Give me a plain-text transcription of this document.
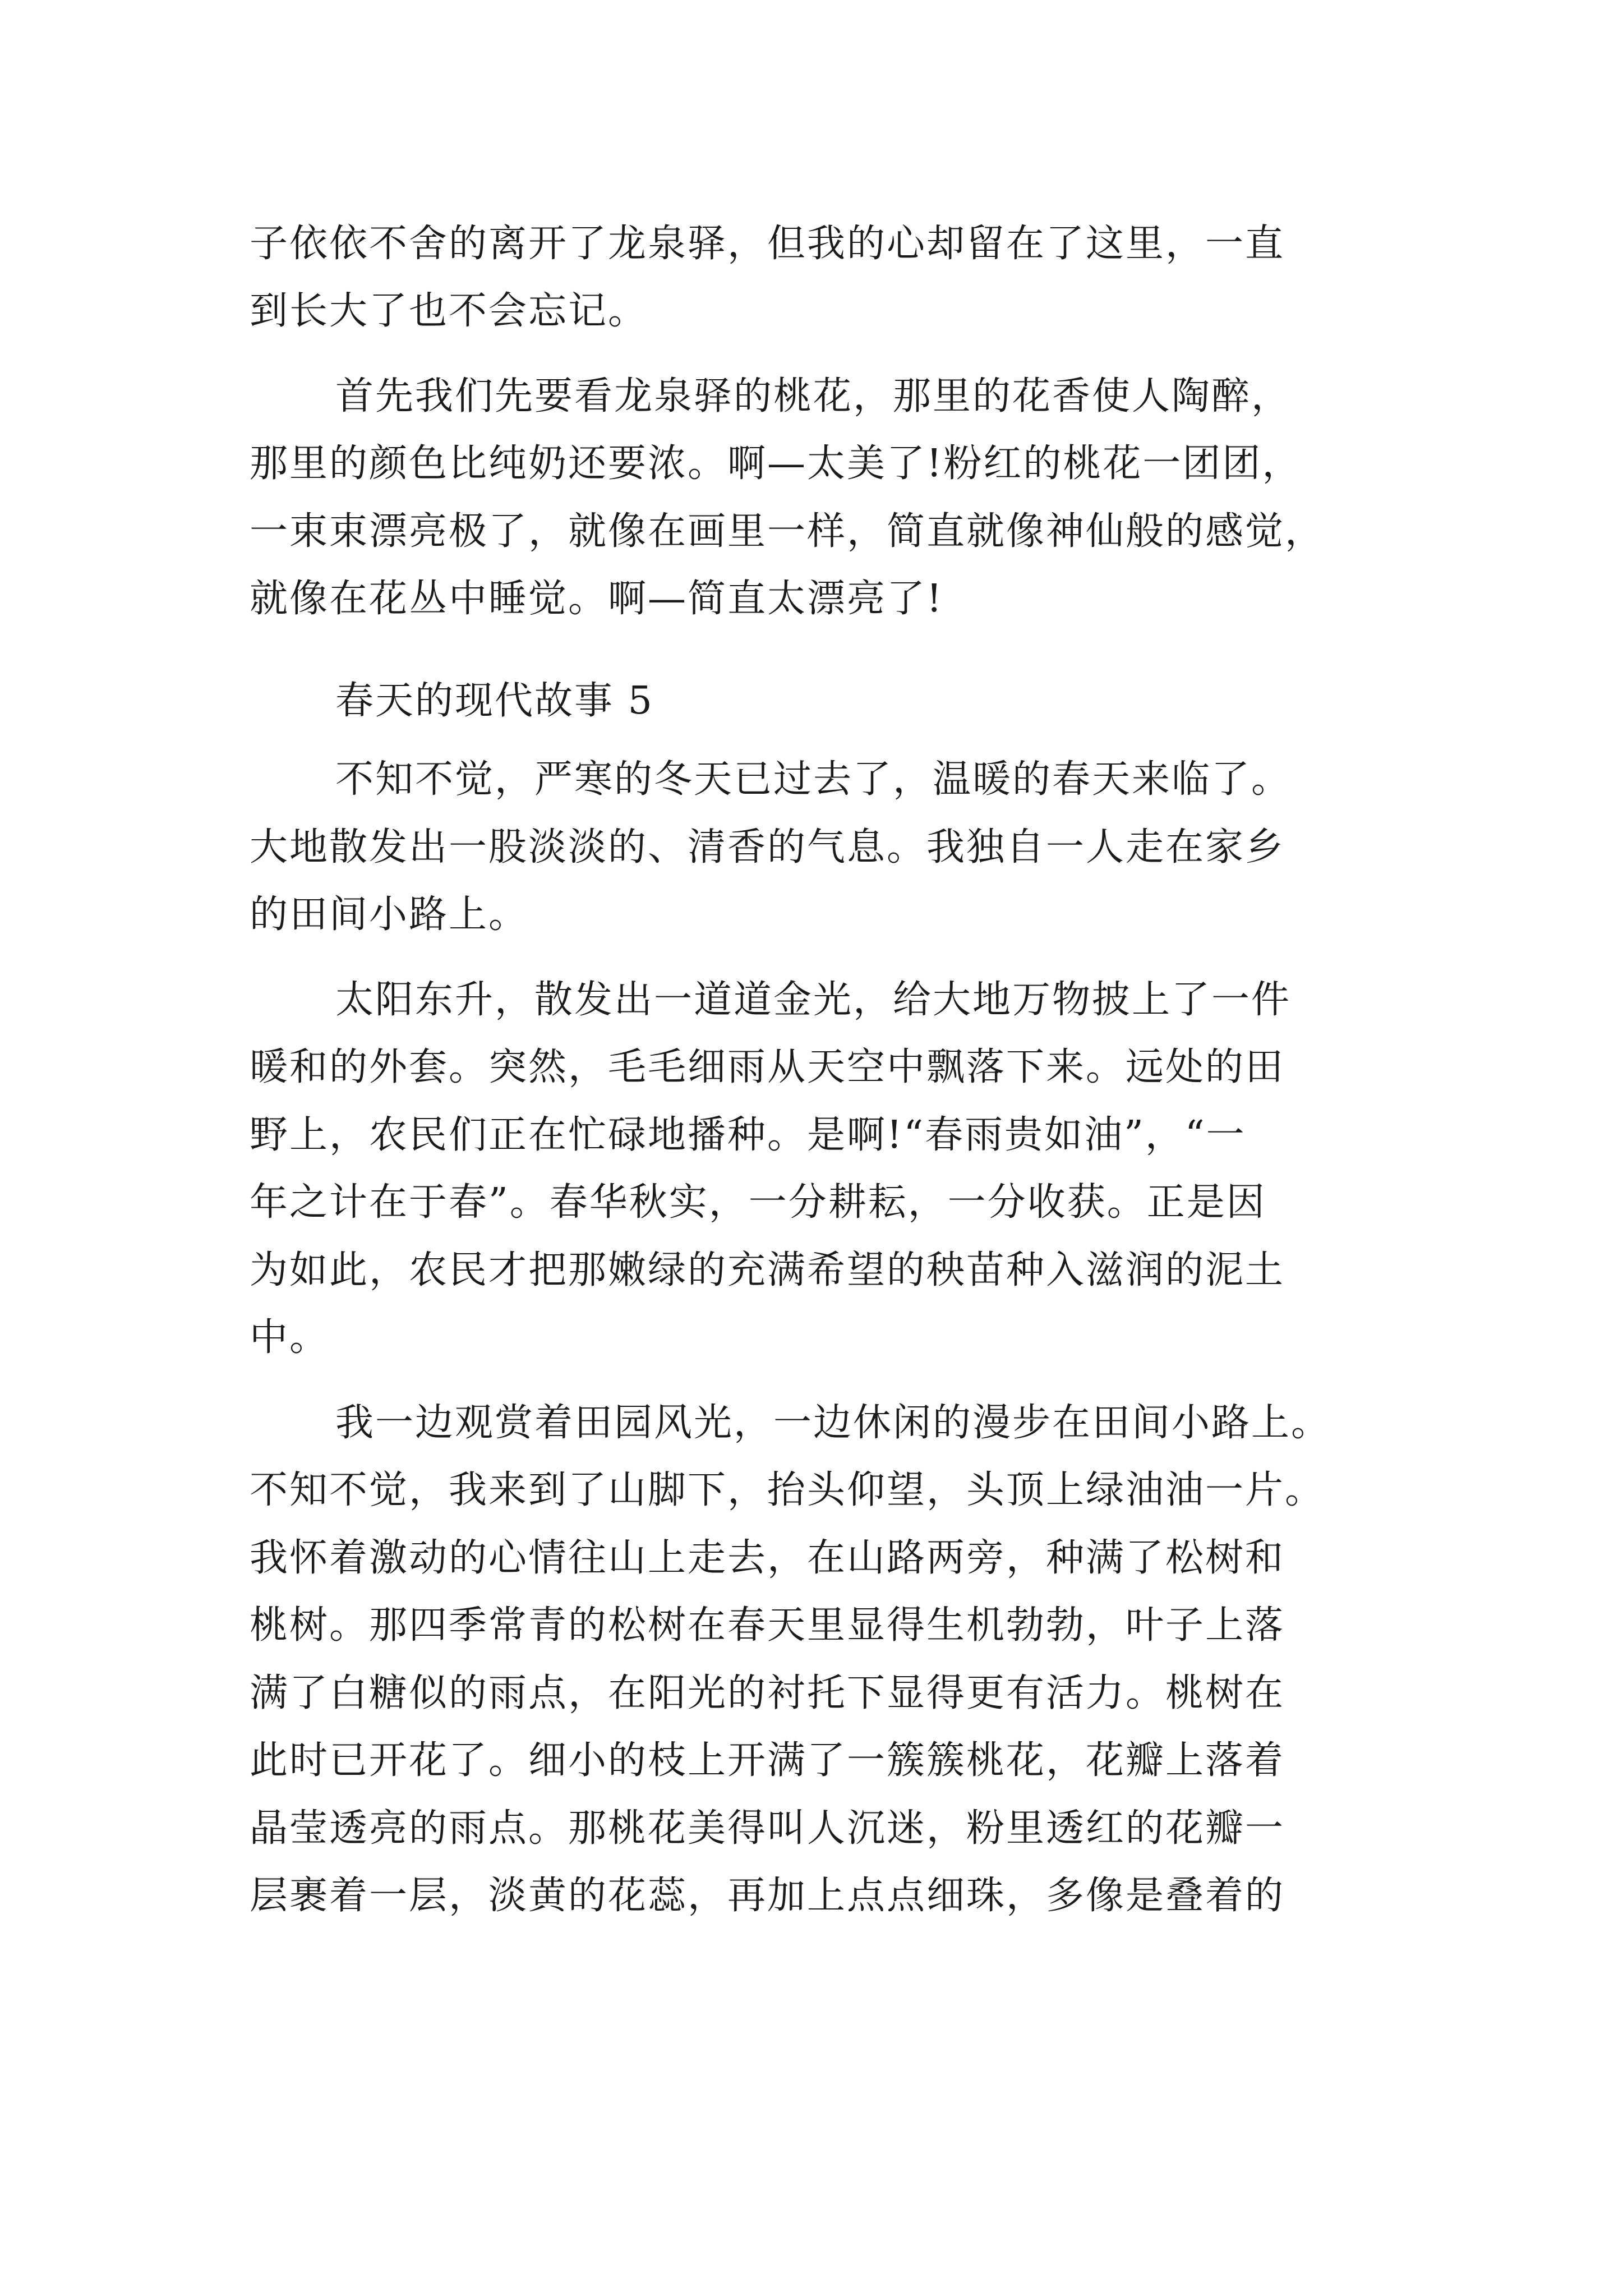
子依依不舍的离开了龙泉驿，但我的心却留在了这里，一直
到长大了也不会忘记。
首先我们先要看龙泉驿的桃花，那里的花香使人陶醉，
那里的颜色比纯奶还要浓。啊—太美了!粉红的桃花一团团，
一束束漂亮极了，就像在画里一样，简直就像神仙般的感觉，
就像在花丛中睡觉。啊—简直太漂亮了!
春天的现代故事 5
不知不觉，严寒的冬天已过去了，温暖的春天来临了。
大地散发出一股淡淡的、清香的气息。我独自一人走在家乡
的田间小路上。
太阳东升，散发出一道道金光，给大地万物披上了一件
暖和的外套。突然，毛毛细雨从天空中飘落下来。远处的田
野上，农民们正在忙碌地播种。是啊!“春雨贵如油”，“一
年之计在于春”。春华秋实，一分耕耘，一分收获。正是因
为如此，农民才把那嫩绿的充满希望的秧苗种入滋润的泥土
中。
我一边观赏着田园风光，一边休闲的漫步在田间小路上。
不知不觉，我来到了山脚下，抬头仰望，头顶上绿油油一片。
我怀着激动的心情往山上走去，在山路两旁，种满了松树和
桃树。那四季常青的松树在春天里显得生机勃勃，叶子上落
满了白糖似的雨点，在阳光的衬托下显得更有活力。桃树在
此时已开花了。细小的枝上开满了一簇簇桃花，花瓣上落着
晶莹透亮的雨点。那桃花美得叫人沉迷，粉里透红的花瓣一
层裹着一层，淡黄的花蕊，再加上点点细珠，多像是叠着的
